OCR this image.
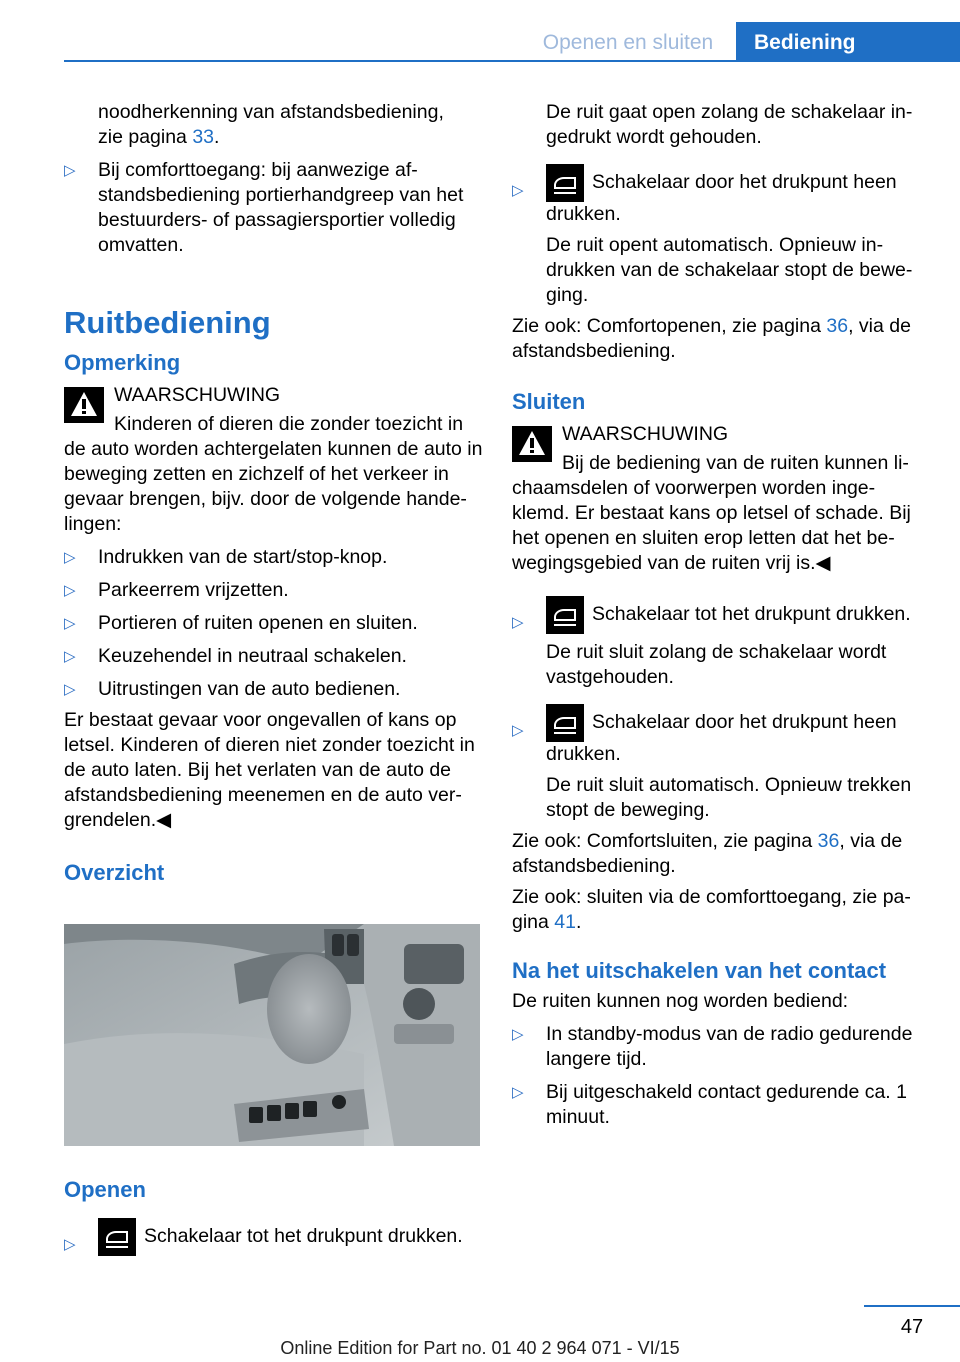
Openen en sluiten	Bediening

noodherkenning van afstandsbediening,
zie pagina 33.

▷ Bij comforttoegang: bij aanwezige af-standsbediening portierhandgreep van het bestuurders- of passagiersportier volledig omvatten.

Ruitbediening

Opmerking

WAARSCHUWING

Kinderen of dieren die zonder toezicht in

de auto worden achtergelaten kunnen de auto in beweging zetten en zichzelf of het verkeer in gevaar brengen, bijv. door de volgende hande-lingen:

▷ Indrukken van de start/stop-knop.

▷ Parkeerrem vrijzetten.

▷ Portieren of ruiten openen en sluiten.

▷ Keuzehendel in neutraal schakelen.

▷ Uitrustingen van de auto bedienen.

Er bestaat gevaar voor ongevallen of kans op letsel. Kinderen of dieren niet zonder toezicht in de auto laten. Bij het verlaten van de auto de afstandsbediening meenemen en de auto ver-grendelen.◀

Overzicht

Openen

▷	Schakelaar tot het drukpunt drukken.

De ruit gaat open zolang de schakelaar in-gedrukt wordt gehouden.

▷	Schakelaar door het drukpunt heen drukken.

De ruit opent automatisch. Opnieuw in-drukken van de schakelaar stopt de bewe-ging.

Zie ook: Comfortopenen, zie pagina 36, via de afstandsbediening.

Sluiten

WAARSCHUWING

Bij de bediening van de ruiten kunnen li-

chaamsdelen of voorwerpen worden inge-klemd. Er bestaat kans op letsel of schade. Bij het openen en sluiten erop letten dat het be-wegingsgebied van de ruiten vrij is.◀

▷	Schakelaar tot het drukpunt drukken.

De ruit sluit zolang de schakelaar wordt vastgehouden.

▷	Schakelaar door het drukpunt heen drukken.

De ruit sluit automatisch. Opnieuw trekken stopt de beweging.

Zie ook: Comfortsluiten, zie pagina 36, via de afstandsbediening.

Zie ook: sluiten via de comforttoegang, zie pa-gina 41.

Na het uitschakelen van het contact

De ruiten kunnen nog worden bediend:

▷ In standby-modus van de radio gedurende langere tijd.

▷ Bij uitgeschakeld contact gedurende ca. 1 minuut.

47
Online Edition for Part no. 01 40 2 964 071 - VI/15
